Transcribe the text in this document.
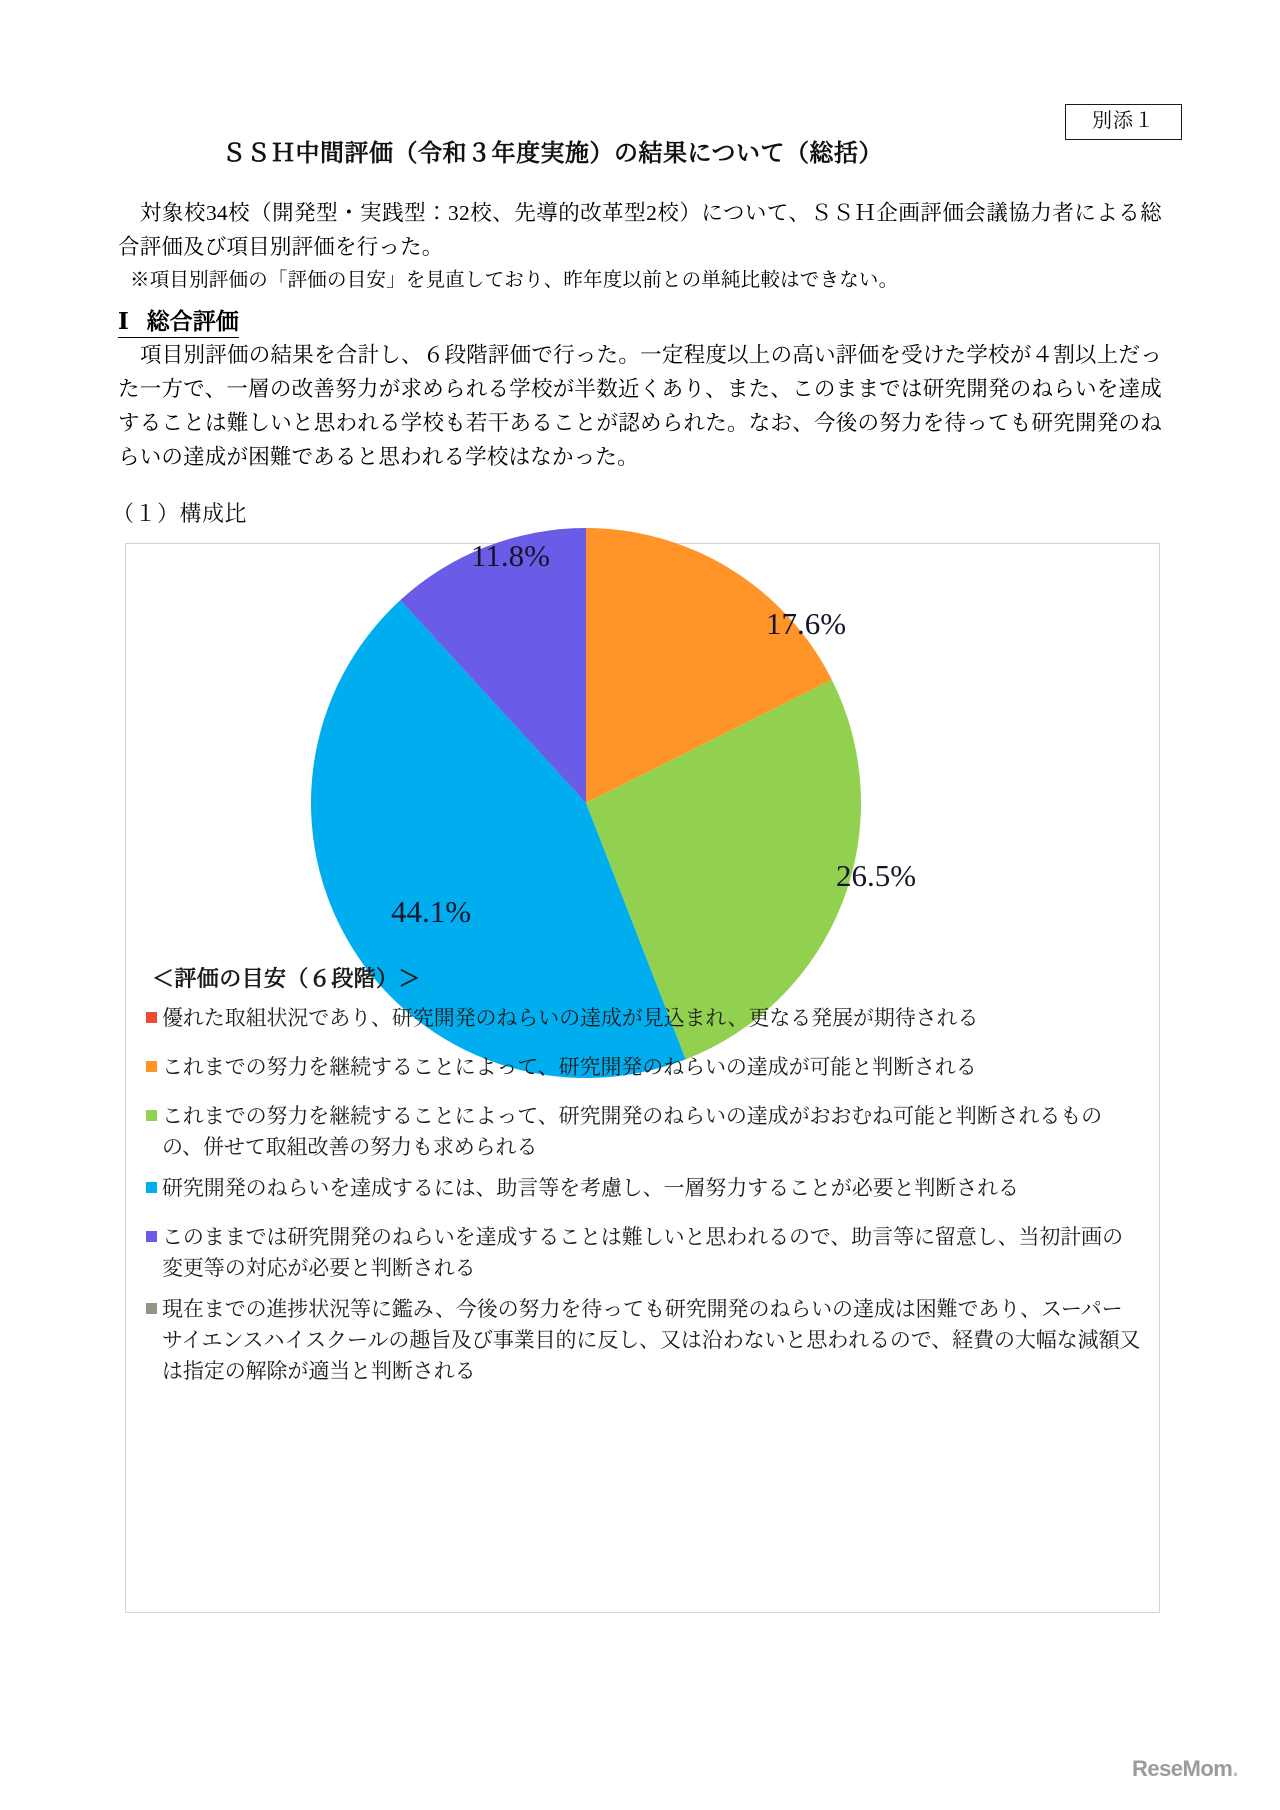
別添１
ＳＳＨ中間評価（令和３年度実施）の結果について（総括）

対象校34校（開発型・実践型：32校、先導的改革型2校）について、ＳＳＨ企画評価会議協力者による総合評価及び項目別評価を行った。

※項目別評価の「評価の目安」を見直しており、昨年度以前との単純比較はできない。

Ⅰ 総合評価

項目別評価の結果を合計し、６段階評価で行った。一定程度以上の高い評価を受けた学校が４割以上だった一方で、一層の改善努力が求められる学校が半数近くあり、また、このままでは研究開発のねらいを達成することは難しいと思われる学校も若干あることが認められた。なお、今後の努力を待っても研究開発のねらいの達成が困難であると思われる学校はなかった。

（１）構成比
17.6%
26.5%
44.1%
11.8%
＜評価の目安（６段階）＞
優れた取組状況であり、研究開発のねらいの達成が見込まれ、更なる発展が期待される
これまでの努力を継続することによって、研究開発のねらいの達成が可能と判断される
これまでの努力を継続することによって、研究開発のねらいの達成がおおむね可能と判断されるものの、併せて取組改善の努力も求められる
研究開発のねらいを達成するには、助言等を考慮し、一層努力することが必要と判断される
このままでは研究開発のねらいを達成することは難しいと思われるので、助言等に留意し、当初計画の変更等の対応が必要と判断される
現在までの進捗状況等に鑑み、今後の努力を待っても研究開発のねらいの達成は困難であり、スーパーサイエンスハイスクールの趣旨及び事業目的に反し、又は沿わないと思われるので、経費の大幅な減額又は指定の解除が適当と判断される
ReseMom.
